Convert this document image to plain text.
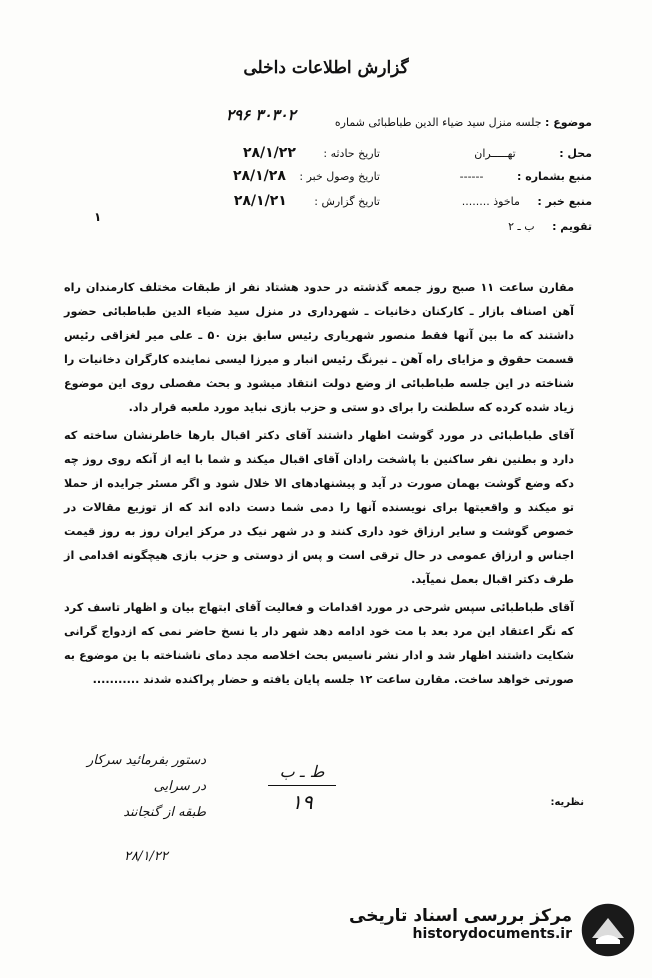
گزارش اطلاعات داخلی
موضوع : جلسه منزل سید ضیاء الدین طباطبائی شماره
۲۹۶ ۳۰۳۰۲
محل : تهـــــران
تاریخ حادثه : ۲۸/۱/۲۲
منبع بشماره : ------
تاریخ وصول خبر : ۲۸/۱/۲۸
منبع خبر : ماخوذ ........
تاریخ گزارش : ۲۸/۱/۲۱
تقویم : ب ـ ۲
۱

مقارن ساعت ۱۱ صبح روز جمعه گذشته در حدود هشتاد نفر از طبقات مختلف کارمندان راه آهن اصناف بازار ـ کارکنان دخانیات ـ شهرداری در منزل سید ضیاء الدین طباطبائی حضور داشتند که ما بین آنها فقط منصور شهریاری رئیس سابق بزن ۵۰ ـ علی میر لغزاقی رئیس قسمت حقوق و مزایای راه آهن ـ نیرنگ رئیس انبار و میرزا لیسی نماینده کارگران دخانیات را شناخته در این جلسه طباطبائی از وضع دولت انتقاد میشود و بحث مفصلی روی این موضوع زیاد شده کرده که سلطنت را برای دو ستی و حزب بازی نباید مورد ملعبه قرار داد.

آقای طباطبائی در مورد گوشت اظهار داشتند آقای دکتر اقبال بارها خاطرنشان ساخته که دارد و بطنین نفر ساکنین با پاشخت رادان آقای اقبال میکند و شما با ایه از آنکه روی روز چه دکه وضع گوشت بهمان صورت در آید و پیشنهادهای الا خلال شود و اگر مسئر جرایده از حملا تو میکند و واقعیتها برای نویسنده آنها را دمی شما دست داده اند که از توزیع مقالات در خصوص گوشت و سایر ارزاق خود داری کنند و در شهر نیک در مرکز ایران روز به روز قیمت اجناس و ارزاق عمومی در حال ترقی است و پس از دوستی و حزب بازی هیچگونه اقدامی از طرف دکتر اقبال بعمل نمیآید.

آقای طباطبائی سپس شرحی در مورد اقدامات و فعالیت آقای ابتهاج بیان و اظهار تاسف کرد که نگر اعتقاد این مرد بعد با مت خود ادامه دهد شهر دار یا نسخ حاضر نمی که ازدواج گرانی شکایت داشتند اظهار شد و ادار نشر ناسیس بحث اخلاصه مجد دمای ناشناخته با ین موضوع به صورتی خواهد ساخت. مقارن ساعت ۱۲ جلسه پایان یافته و حضار پراکنده شدند ...........

دستور بفرمائید سرکار در سرایی
طبقه از گنجانند
۲۸/۱/۲۲
ط ـ ب
۱۹	نظریه:
مرکز بررسی اسناد تاریخی
historydocuments.ir
